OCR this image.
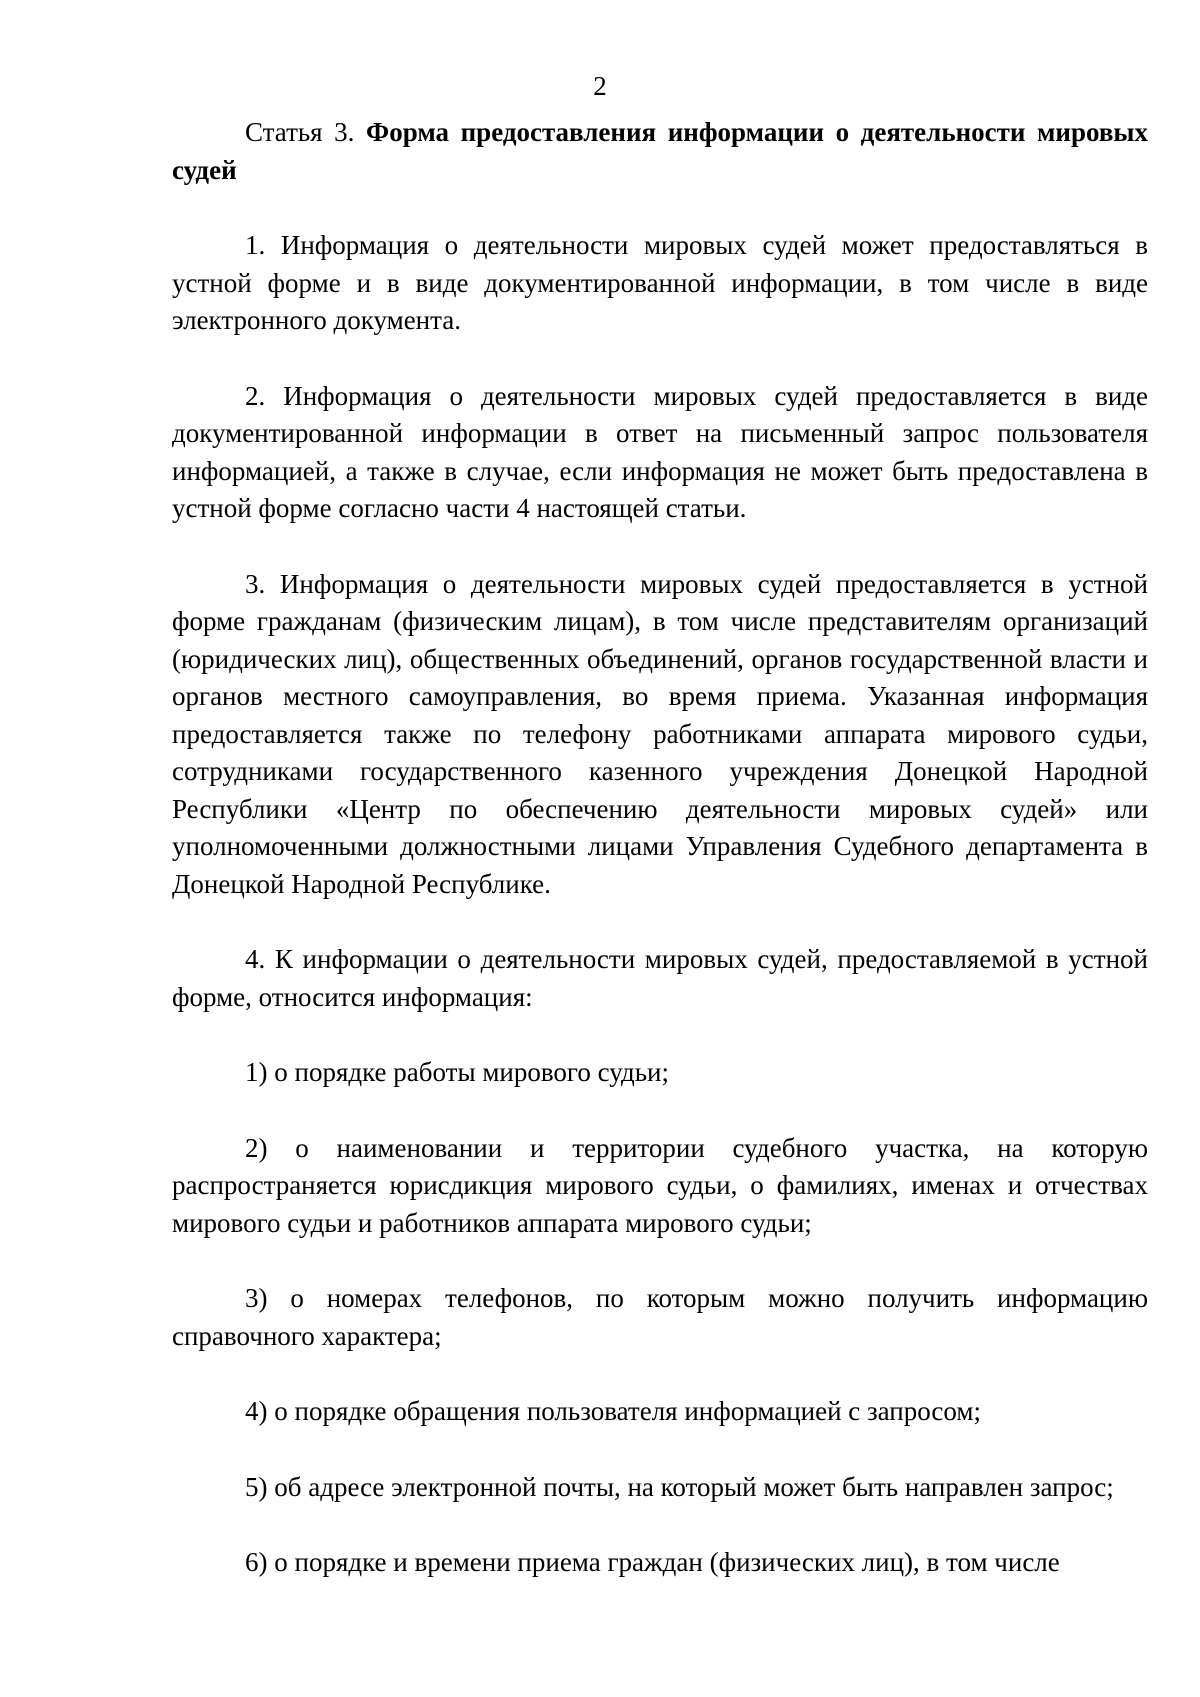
2

Статья 3. Форма предоставления информации о деятельности мировых судей

1. Информация о деятельности мировых судей может предоставляться в устной форме и в виде документированной информации, в том числе в виде электронного документа.

2. Информация о деятельности мировых судей предоставляется в виде документированной информации в ответ на письменный запрос пользователя информацией, а также в случае, если информация не может быть предоставлена в устной форме согласно части 4 настоящей статьи.

3. Информация о деятельности мировых судей предоставляется в устной форме гражданам (физическим лицам), в том числе представителям организаций (юридических лиц), общественных объединений, органов государственной власти и органов местного самоуправления, во время приема. Указанная информация предоставляется также по телефону работниками аппарата мирового судьи, сотрудниками государственного казенного учреждения Донецкой Народной Республики «Центр по обеспечению деятельности мировых судей» или уполномоченными должностными лицами Управления Судебного департамента в Донецкой Народной Республике.

4. К информации о деятельности мировых судей, предоставляемой в устной форме, относится информация:

1) о порядке работы мирового судьи;

2) о наименовании и территории судебного участка, на которую распространяется юрисдикция мирового судьи, о фамилиях, именах и отчествах мирового судьи и работников аппарата мирового судьи;

3) о номерах телефонов, по которым можно получить информацию справочного характера;

4) о порядке обращения пользователя информацией с запросом;

5) об адресе электронной почты, на который может быть направлен запрос;

6) о порядке и времени приема граждан (физических лиц), в том числе
